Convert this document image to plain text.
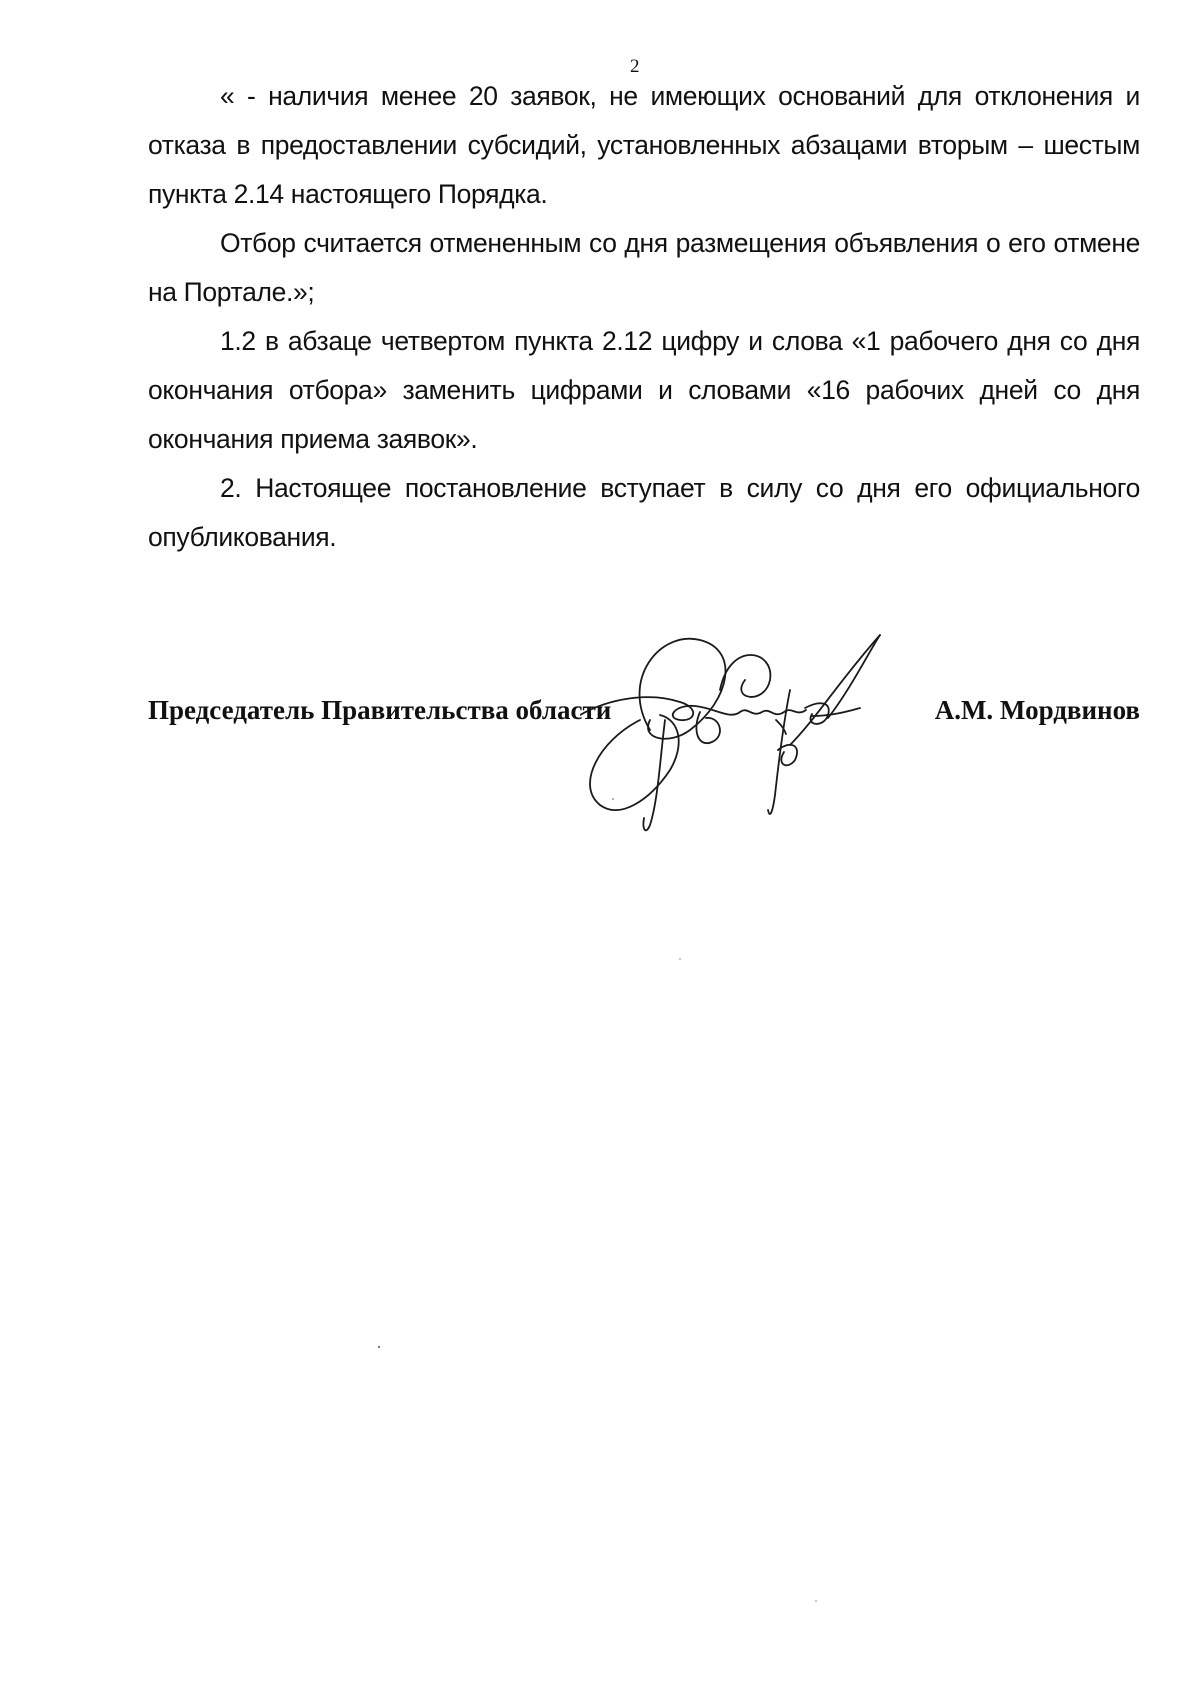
2

« - наличия менее 20 заявок, не имеющих оснований для отклонения и отказа в предоставлении субсидий, установленных абзацами вторым – шестым пункта 2.14 настоящего Порядка.

Отбор считается отмененным со дня размещения объявления о его отмене на Портале.»;

1.2 в абзаце четвертом пункта 2.12 цифру и слова «1 рабочего дня со дня окончания отбора» заменить цифрами и словами «16 рабочих дней со дня окончания приема заявок».

2. Настоящее постановление вступает в силу со дня его официального опубликования.

Председатель Правительства области	А.М. Мордвинов
